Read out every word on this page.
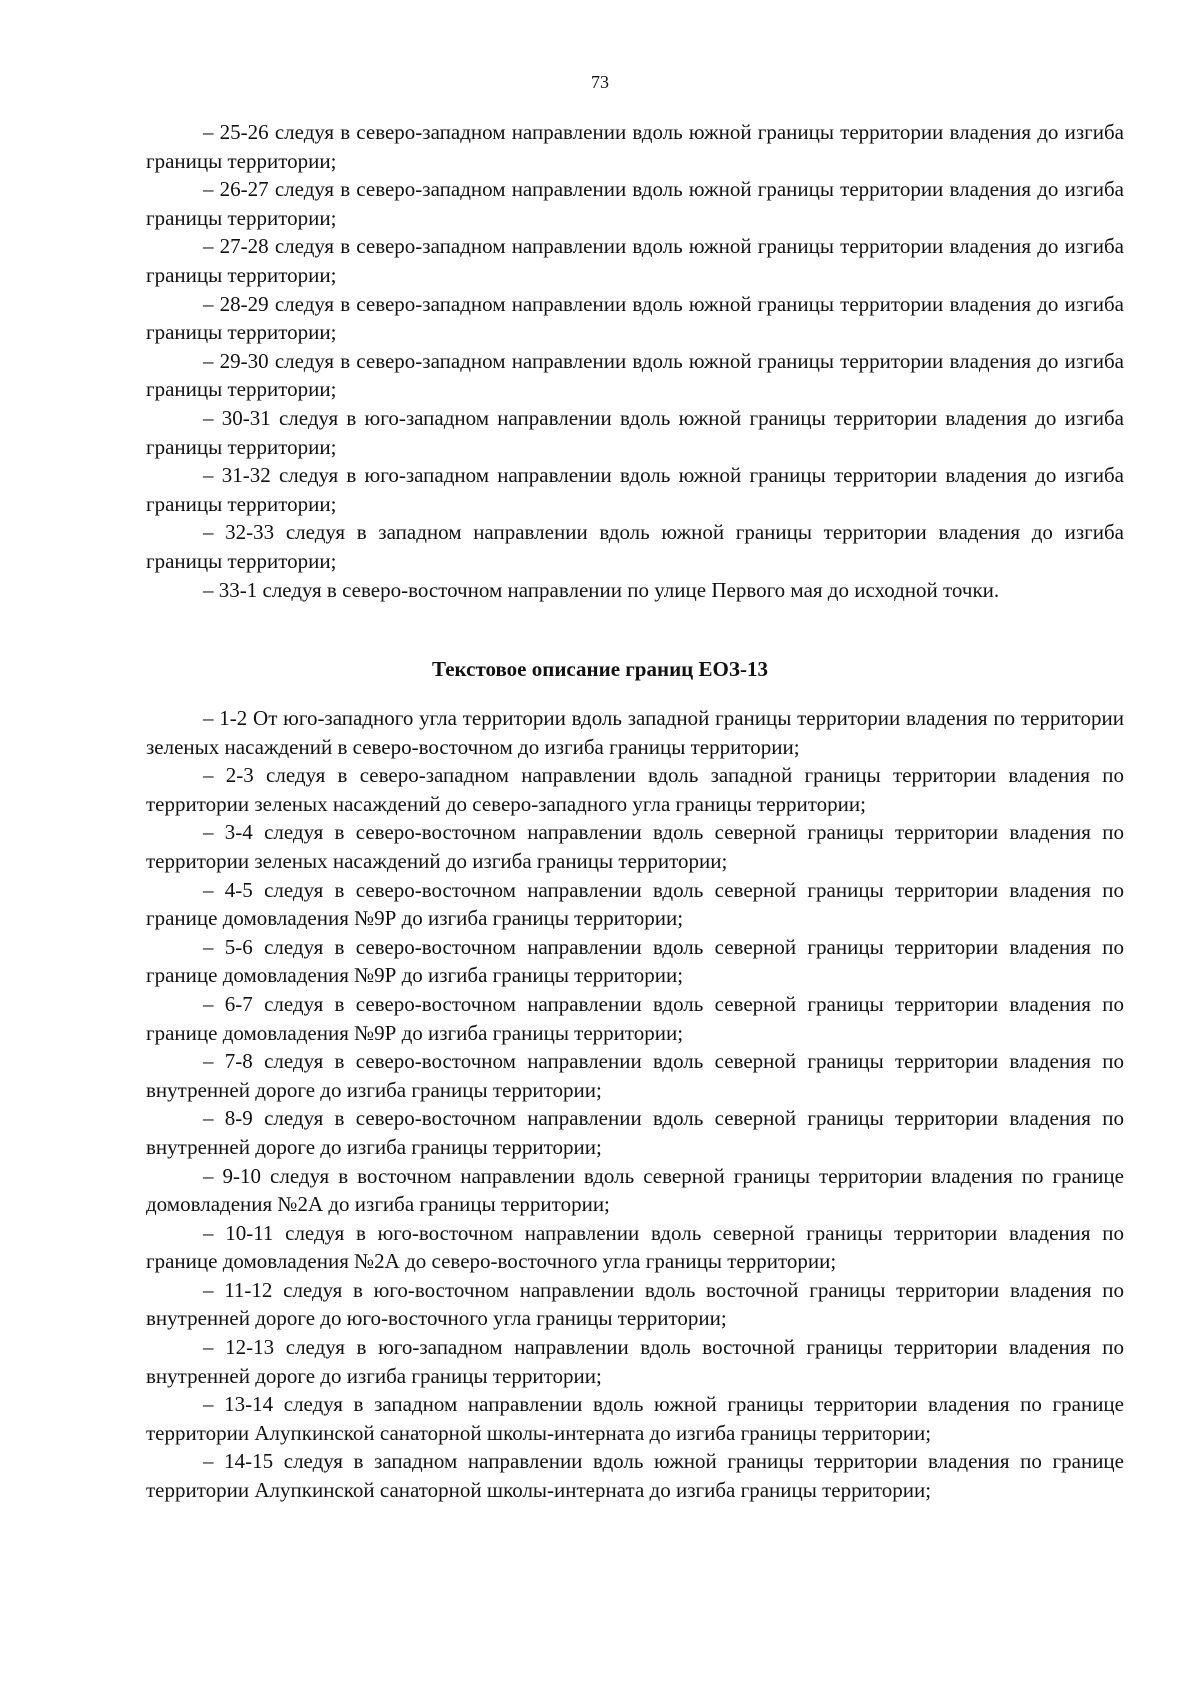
73

– 25-26 следуя в северо-западном направлении вдоль южной границы территории владения до изгиба границы территории;

– 26-27 следуя в северо-западном направлении вдоль южной границы территории владения до изгиба границы территории;

– 27-28 следуя в северо-западном направлении вдоль южной границы территории владения до изгиба границы территории;

– 28-29 следуя в северо-западном направлении вдоль южной границы территории владения до изгиба границы территории;

– 29-30 следуя в северо-западном направлении вдоль южной границы территории владения до изгиба границы территории;

– 30-31 следуя в юго-западном направлении вдоль южной границы территории владения до изгиба границы территории;

– 31-32 следуя в юго-западном направлении вдоль южной границы территории владения до изгиба границы территории;

– 32-33 следуя в западном направлении вдоль южной границы территории владения до изгиба границы территории;

– 33-1 следуя в северо-восточном направлении по улице Первого мая до исходной точки.

Текстовое описание границ ЕОЗ-13

– 1-2 От юго-западного угла территории вдоль западной границы территории владения по территории зеленых насаждений в северо-восточном до изгиба границы территории;

– 2-3 следуя в северо-западном направлении вдоль западной границы территории владения по территории зеленых насаждений до северо-западного угла границы территории;

– 3-4 следуя в северо-восточном направлении вдоль северной границы территории владения по территории зеленых насаждений до изгиба границы территории;

– 4-5 следуя в северо-восточном направлении вдоль северной границы территории владения по границе домовладения №9Р до изгиба границы территории;

– 5-6 следуя в северо-восточном направлении вдоль северной границы территории владения по границе домовладения №9Р до изгиба границы территории;

– 6-7 следуя в северо-восточном направлении вдоль северной границы территории владения по границе домовладения №9Р до изгиба границы территории;

– 7-8 следуя в северо-восточном направлении вдоль северной границы территории владения по внутренней дороге до изгиба границы территории;

– 8-9 следуя в северо-восточном направлении вдоль северной границы территории владения по внутренней дороге до изгиба границы территории;

– 9-10 следуя в восточном направлении вдоль северной границы территории владения по границе домовладения №2А до изгиба границы территории;

– 10-11 следуя в юго-восточном направлении вдоль северной границы территории владения по границе домовладения №2А до северо-восточного угла границы территории;

– 11-12 следуя в юго-восточном направлении вдоль восточной границы территории владения по внутренней дороге до юго-восточного угла границы территории;

– 12-13 следуя в юго-западном направлении вдоль восточной границы территории владения по внутренней дороге до изгиба границы территории;

– 13-14 следуя в западном направлении вдоль южной границы территории владения по границе территории Алупкинской санаторной школы-интерната до изгиба границы территории;

– 14-15 следуя в западном направлении вдоль южной границы территории владения по границе территории Алупкинской санаторной школы-интерната до изгиба границы территории;
